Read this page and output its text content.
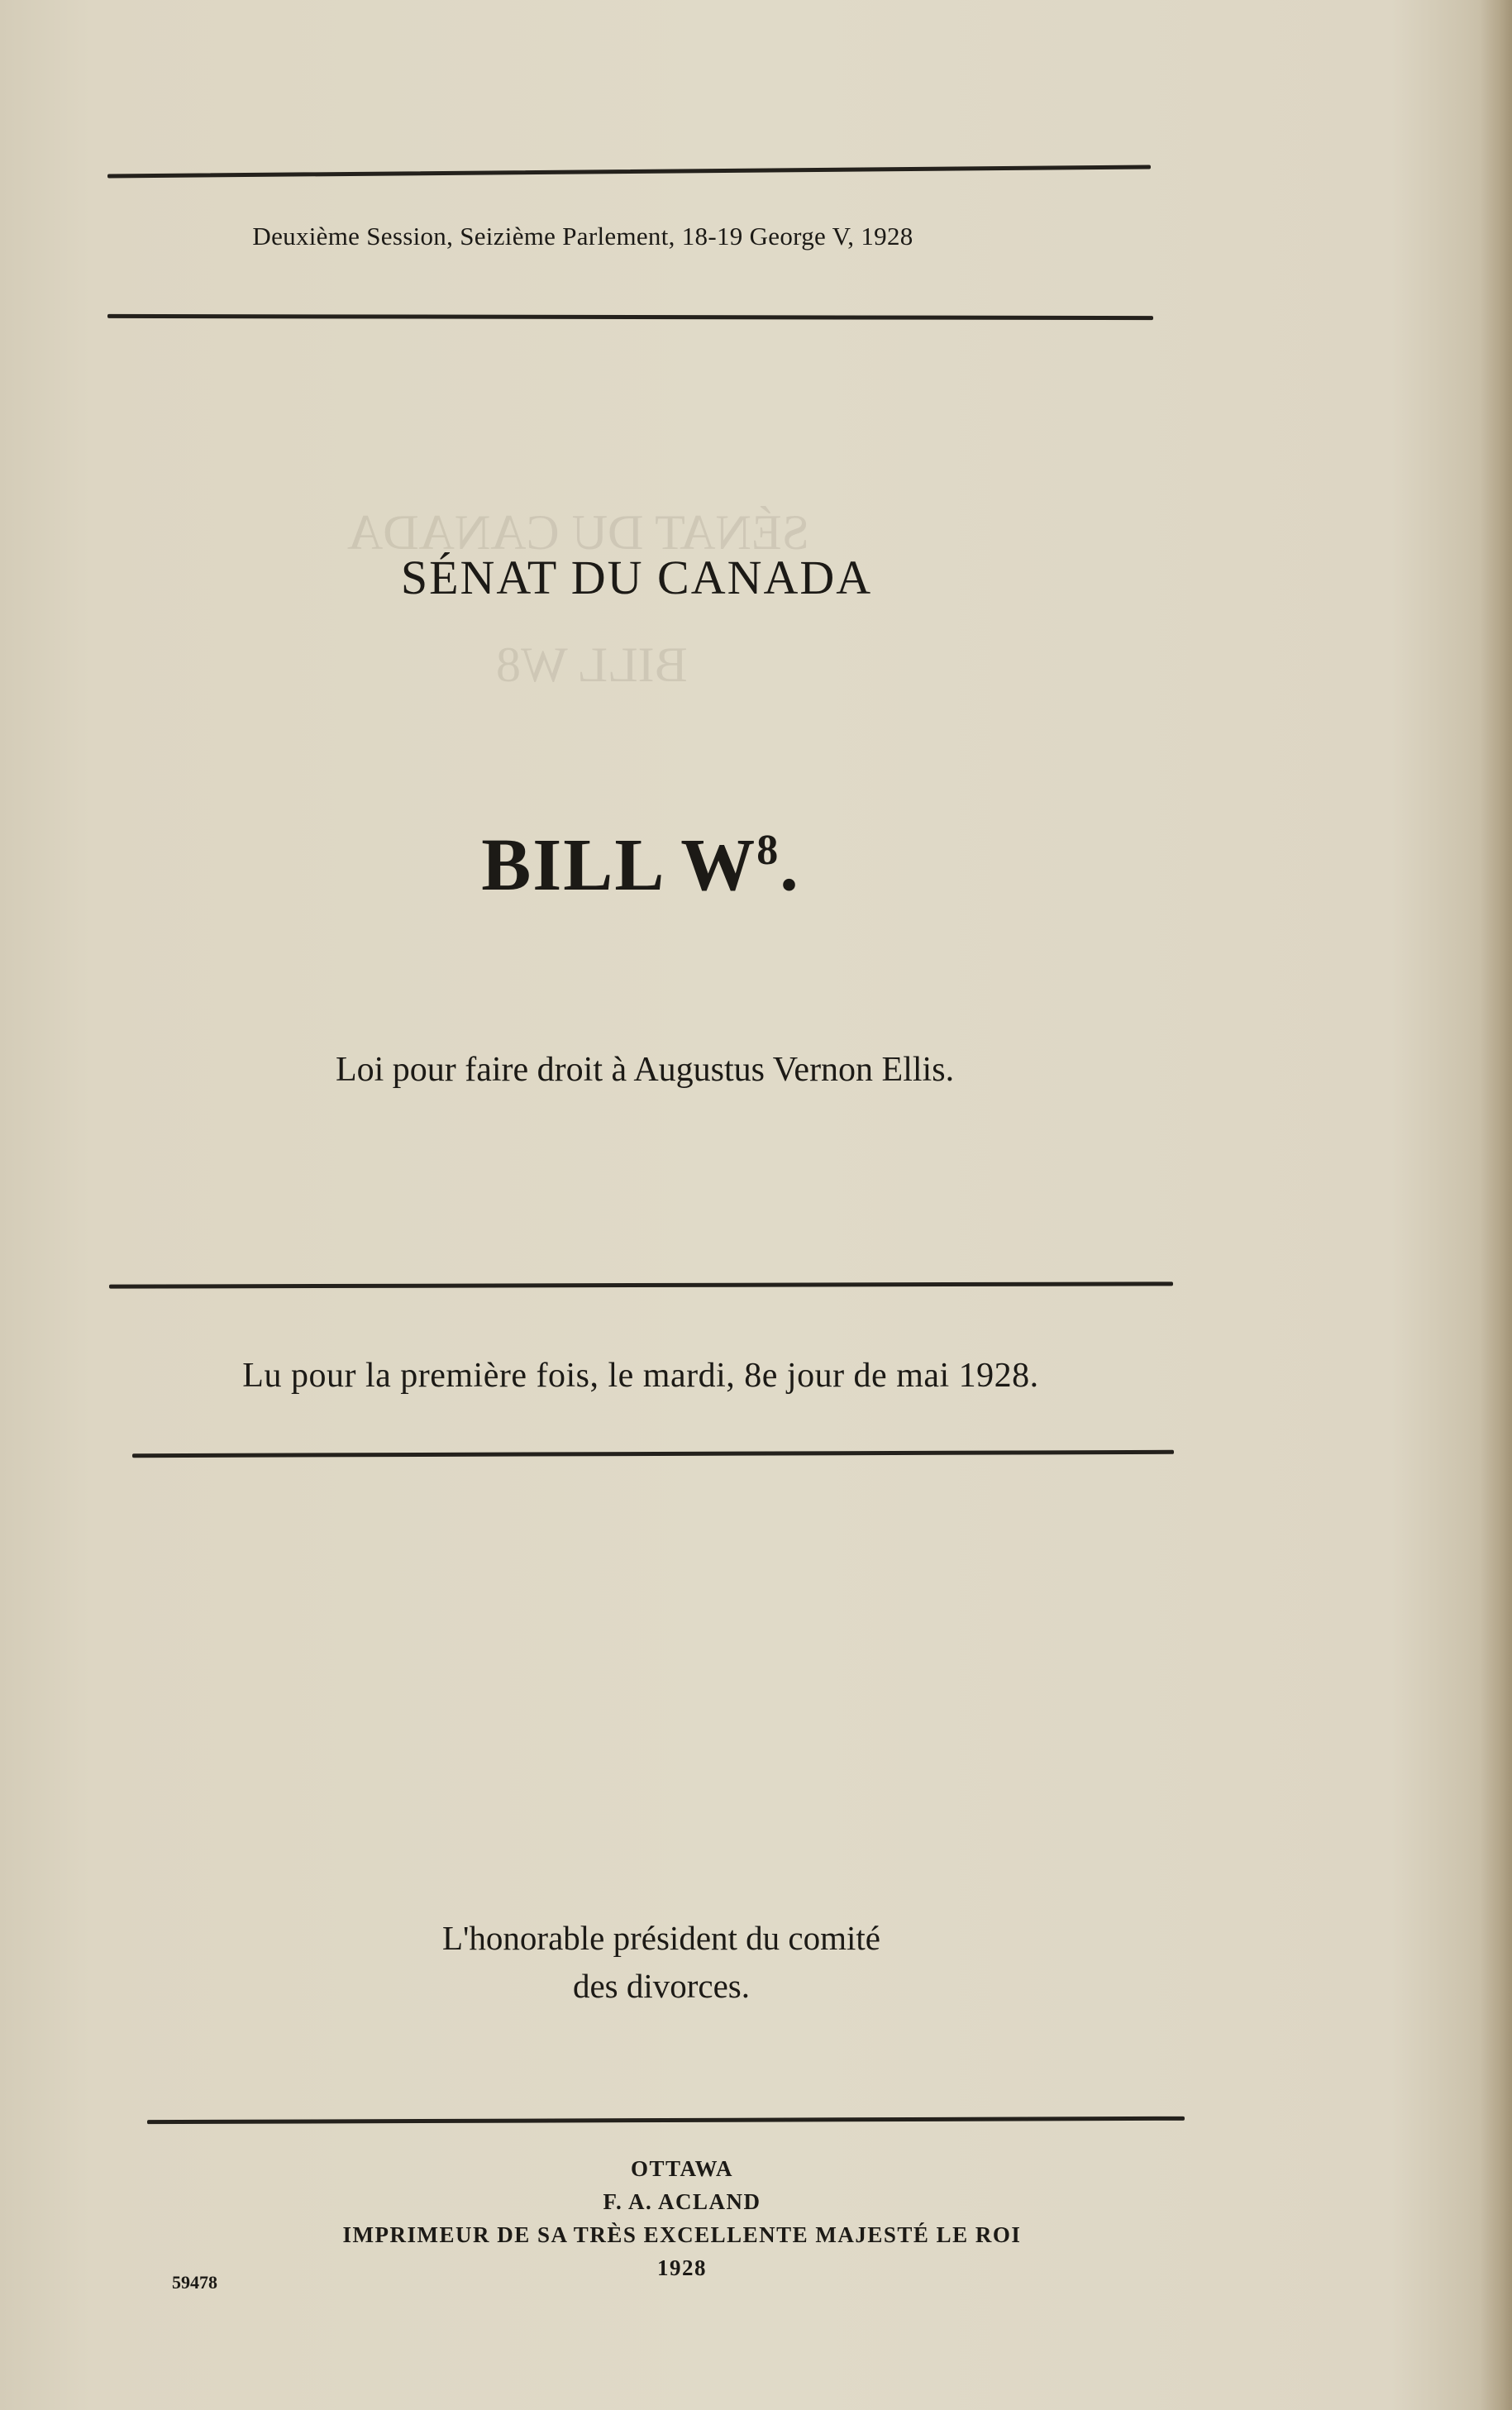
Deuxième Session, Seizième Parlement, 18-19 George V, 1928
SÉNAT DU CANADA
BILL $W^8$.
Loi pour faire droit à Augustus Vernon Ellis.
Lu pour la première fois, le mardi, 8e jour de mai 1928.
L'honorable président du comité
des divorces.
OTTAWA
F. A. ACLAND
IMPRIMEUR DE SA TRÈS EXCELLENTE MAJESTÉ LE ROI
1928
59478
SÉNAT DU CANADA
BILL W8
